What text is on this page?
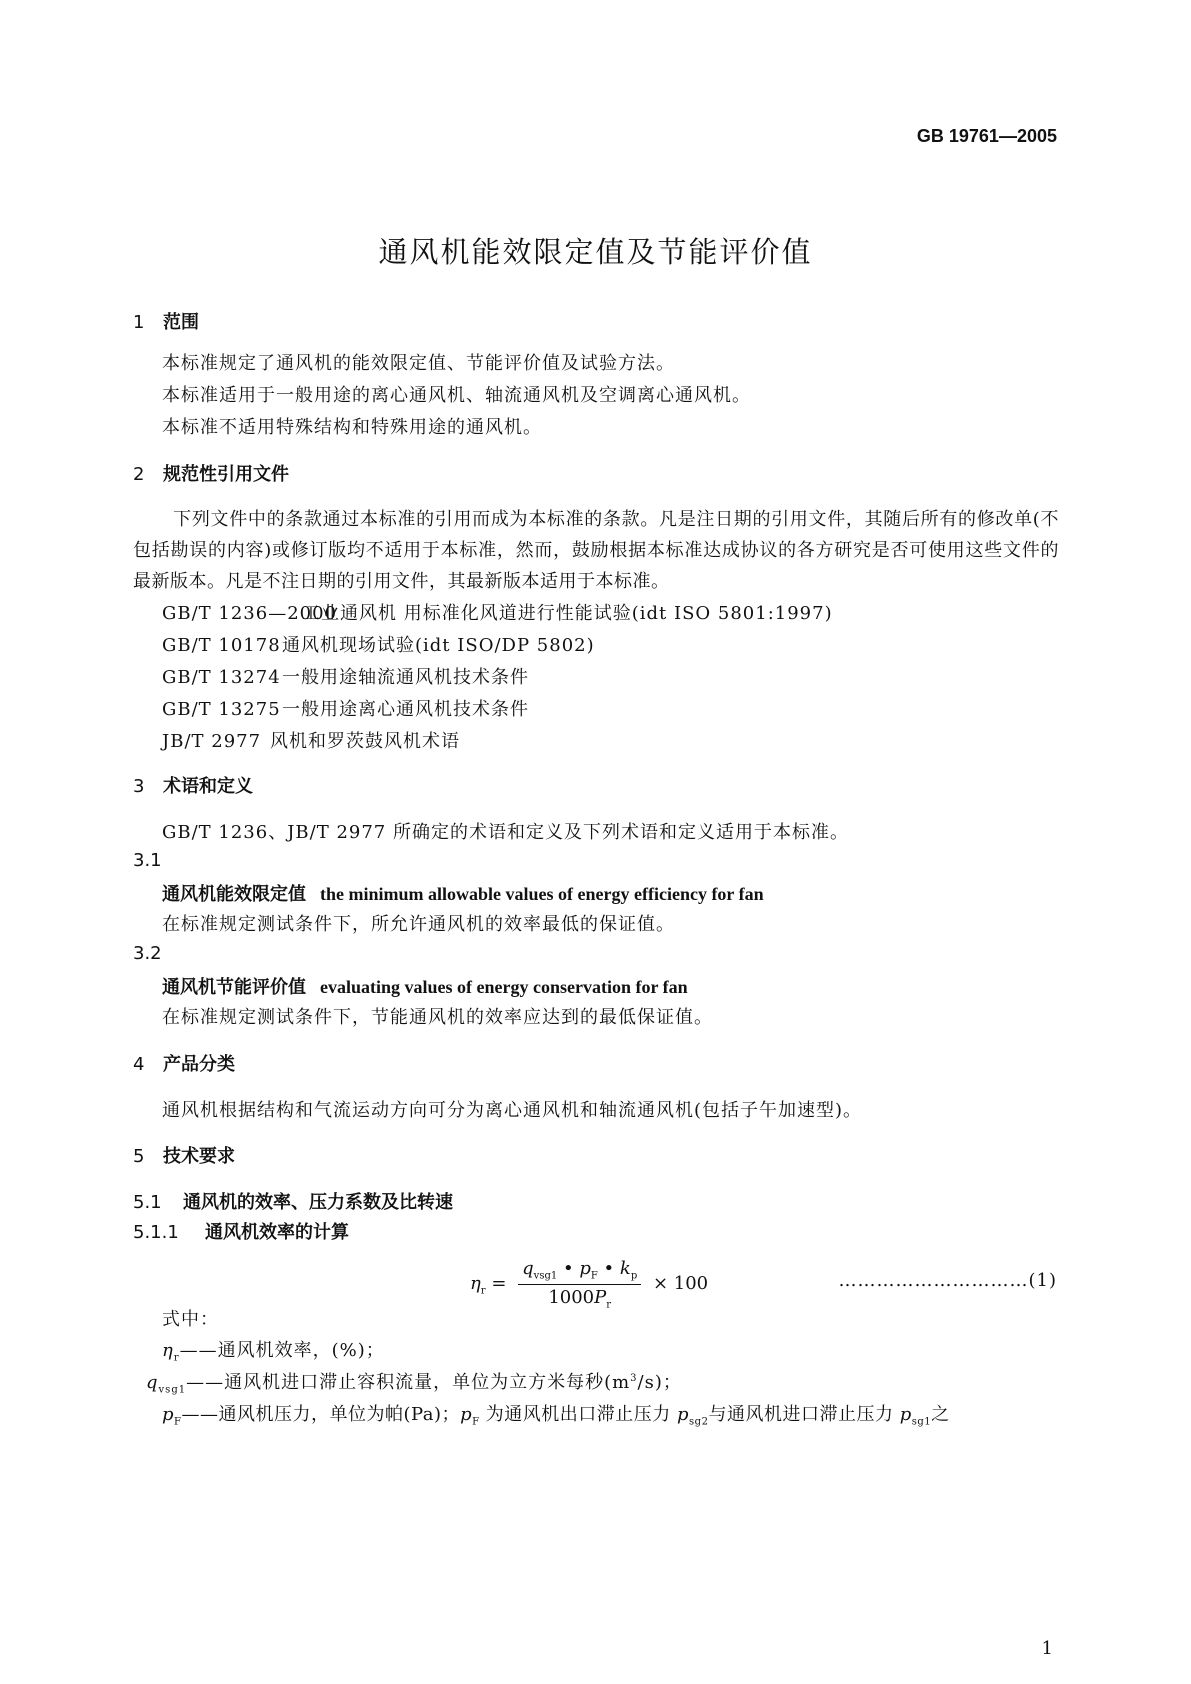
GB 19761—2005
通风机能效限定值及节能评价值
1 范围
本标准规定了通风机的能效限定值、节能评价值及试验方法。
本标准适用于一般用途的离心通风机、轴流通风机及空调离心通风机。
本标准不适用特殊结构和特殊用途的通风机。
2 规范性引用文件
下列文件中的条款通过本标准的引用而成为本标准的条款。凡是注日期的引用文件，其随后所有的修改单(不包括勘误的内容)或修订版均不适用于本标准，然而，鼓励根据本标准达成协议的各方研究是否可使用这些文件的最新版本。凡是不注日期的引用文件，其最新版本适用于本标准。
GB/T 1236—2000工业通风机 用标准化风道进行性能试验(idt ISO 5801:1997)
GB/T 10178通风机现场试验(idt ISO/DP 5802)
GB/T 13274一般用途轴流通风机技术条件
GB/T 13275一般用途离心通风机技术条件
JB/T 2977 风机和罗茨鼓风机术语
3 术语和定义
GB/T 1236、JB/T 2977 所确定的术语和定义及下列术语和定义适用于本标准。
3.1
通风机能效限定值 the minimum allowable values of energy efficiency for fan
在标准规定测试条件下，所允许通风机的效率最低的保证值。
3.2
通风机节能评价值 evaluating values of energy conservation for fan
在标准规定测试条件下，节能通风机的效率应达到的最低保证值。
4 产品分类
通风机根据结构和气流运动方向可分为离心通风机和轴流通风机(包括子午加速型)。
5 技术要求
5.1 通风机的效率、压力系数及比转速
5.1.1 通风机效率的计算
$\eta_r = \frac{q_{vsg1} • p_F • k_p}{1000P_r} \times 100$	…………………………(1)
式中：
$\eta_r——$通风机效率，(%)；
$q_{vsg1}——$通风机进口滞止容积流量，单位为立方米每秒$(m^3/s)$；
$p_F——$通风机压力，单位为帕(Pa)；$p_F$ 为通风机出口滞止压力 $p_{sg2}$与通风机进口滞止压力 $p_{sg1}$之
1
